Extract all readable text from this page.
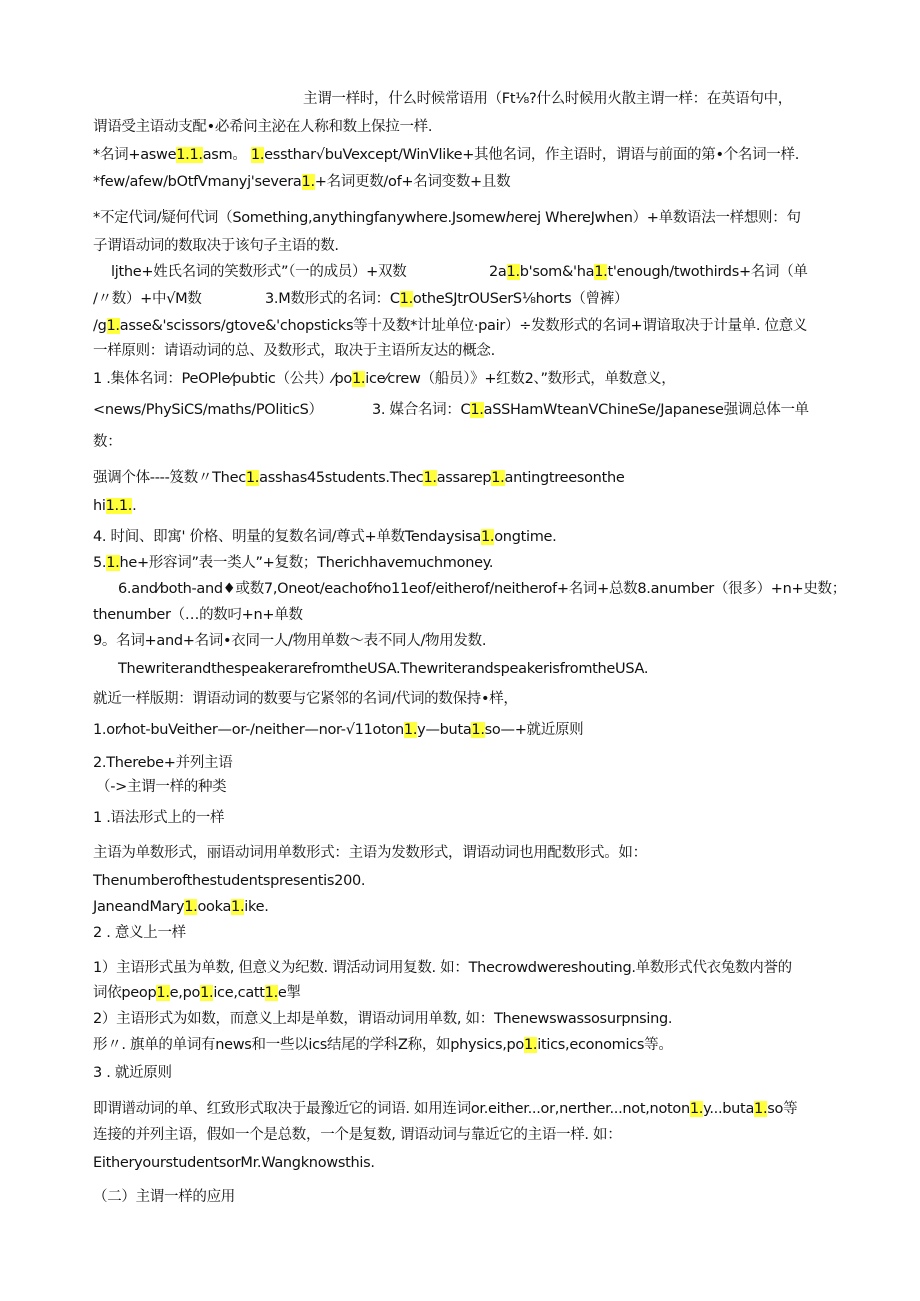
主谓一样时，什么时候常语用（Ft⅛?什么时候用火散主谓一样：在英语句中，
谓语受主语动支配•必希问主泌在人称和数上保拉一样.
*名词+aswe1.1.asm。 1.essthar√buVexcept/WinVlike+其他名词，作主语时，谓语与前面的第•个名词一样.
*few/afew/bOtfVmanyj'severa1.+名词更数/of+名词变数+且数
*不定代词/疑何代词（Something,anythingfanywhere.Jsomewℎerej WhereJwhen）+单数语法一样想则：句
子谓语动词的数取决于该句子主语的数.
ljthe+姓氏名词的笑数形式”（一的成员）+双数	2a1.b'som&'ha1.t'enough/twothirds+名词（单
/〃数）+中√M数	3.M数形式的名词：C1.otheSJtrOUSerS⅛horts（曾裤）
/g1.asse&'scissors/gtove&'chopsticks等十及数*计址单位·pair）÷发数形式的名词+谓谙取决于计量单. 位意义
一样原则：请语动词的总、及数形式，取决于主语所友达的概念.
1 .集体名词：PeOPle⁄pubtic（公共）⁄po1.ice⁄crew（船员）》+红数2、”数形式，单数意义，
<news/PhySiCS/maths/POliticS）	3. 媒合名词：C1.aSSHamWteanVChineSe/Japanese强调总体一单
数：
强调个体----笈数〃Thec1.asshas45students.Thec1.assarep1.antingtreesonthe
hi1.1..
4. 时间、即寓' 价格、明量的复数名词/尊式+单数Tendaysisa1.ongtime.
5.1.he+形容词”表一类人”+复数；Therichhavemuchmoney.
6.and⁄both-and♦或数7,Oneot/eachof⁄no11eof/eitherof/neitherof+名词+总数8.anumber（很多）+n+史数；
thenumber（…的数叼+n+单数
9。名词+and+名词•衣同一人/物用单数～表不同人/物用发数.
ThewriterandthespeakerarefromtheUSA.ThewriterandspeakerisfromtheUSA.
就近一样版期：谓语动词的数要与它紧邻的名词/代词的数保持•样，
1.or⁄hot-buVeither—or-/neither—nor-√11oton1.y—buta1.so—+就近原则
2.Therebe+并列主语
（->主谓一样的种类
1 .语法形式上的一样
主语为单数形式，丽语动词用单数形式：主语为发数形式，谓语动词也用配数形式。如：
Thenumberofthestudentspresentis200.
JaneandMary1.ooka1.ike.
2 . 意义上一样
1）主语形式虽为单数, 但意义为纪数. 谓活动词用复数. 如：Thecrowdwereshouting.单数形式代衣兔数内誉的
词依peop1.e,po1.ice,catt1.e掣
2）主语形式为如数，而意义上却是单数，谓语动词用单数, 如：Thenewswassosurpnsing.
形〃. 旗单的单词有news和一些以ics结尾的学科Z称，如physics,po1.itics,economics等。
3 . 就近原则
即谓谱动词的单、红致形式取决于最豫近它的词语. 如用连词or.either...or,nerther...not,noton1.y...buta1.so等
连接的并列主语，假如一个是总数，一个是复数, 谓语动词与靠近它的主语一样. 如：
EitheryourstudentsorMr.Wangknowsthis.
（二）主谓一样的应用
